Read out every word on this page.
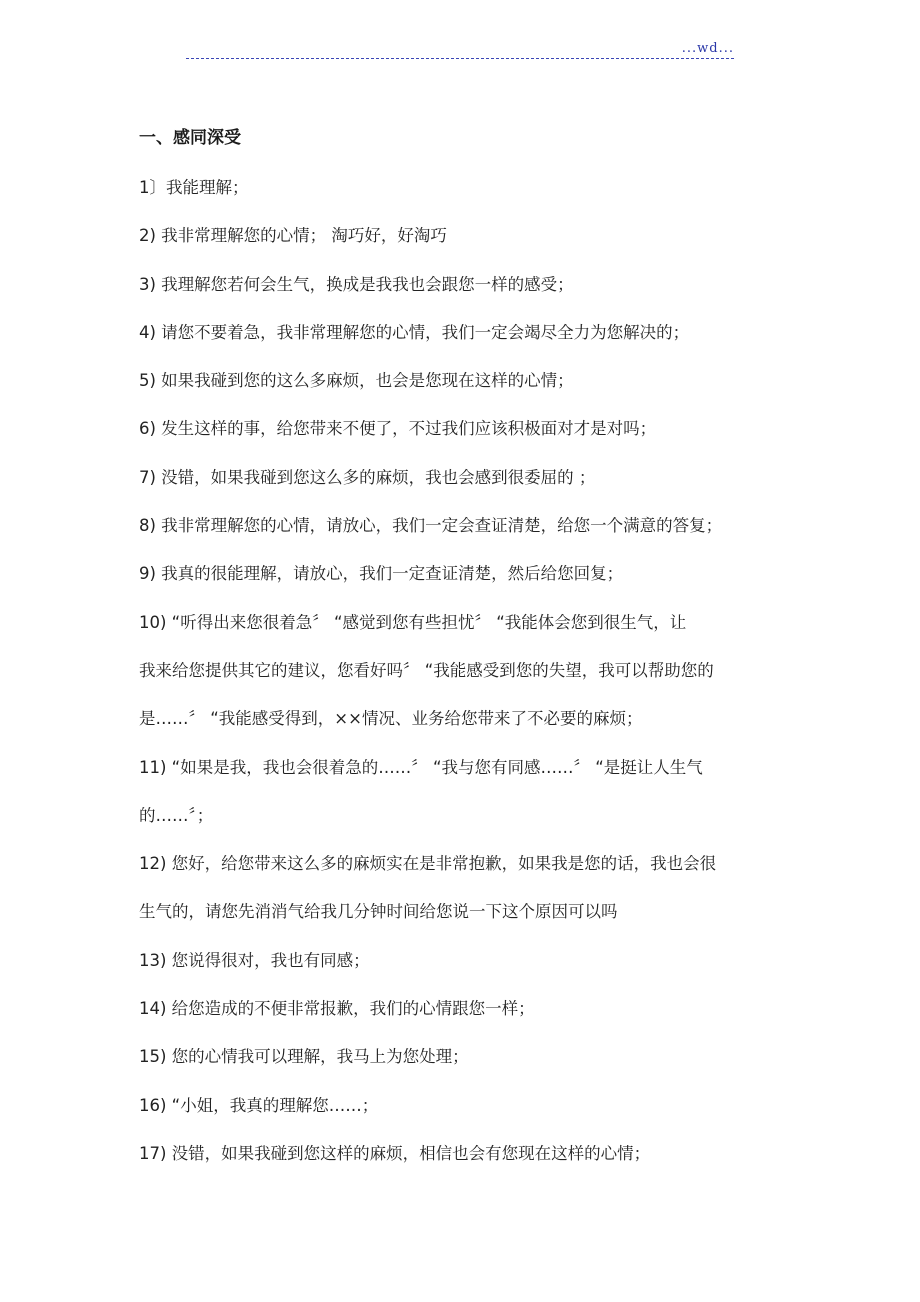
...wd...
一、感同深受
1〕我能理解；
2) 我非常理解您的心情； 淘巧好，好淘巧
3) 我理解您若何会生气，换成是我我也会跟您一样的感受；
4) 请您不要着急，我非常理解您的心情，我们一定会竭尽全力为您解决的；
5) 如果我碰到您的这么多麻烦，也会是您现在这样的心情；
6) 发生这样的事，给您带来不便了，不过我们应该积极面对才是对吗；
7) 没错，如果我碰到您这么多的麻烦，我也会感到很委屈的 ；
8) 我非常理解您的心情，请放心，我们一定会查证清楚，给您一个满意的答复；
9) 我真的很能理解，请放心，我们一定查证清楚，然后给您回复；
10) “听得出来您很着急〞 “感觉到您有些担忧〞 “我能体会您到很生气，让
我来给您提供其它的建议，您看好吗〞 “我能感受到您的失望，我可以帮助您的
是……〞 “我能感受得到，××情况、业务给您带来了不必要的麻烦；
11) “如果是我，我也会很着急的……〞 “我与您有同感……〞 “是挺让人生气
的……〞；
12) 您好，给您带来这么多的麻烦实在是非常抱歉，如果我是您的话，我也会很
生气的，请您先消消气给我几分钟时间给您说一下这个原因可以吗
13) 您说得很对，我也有同感；
14) 给您造成的不便非常报歉，我们的心情跟您一样；
15) 您的心情我可以理解，我马上为您处理；
16) “小姐，我真的理解您……；
17) 没错，如果我碰到您这样的麻烦，相信也会有您现在这样的心情；
